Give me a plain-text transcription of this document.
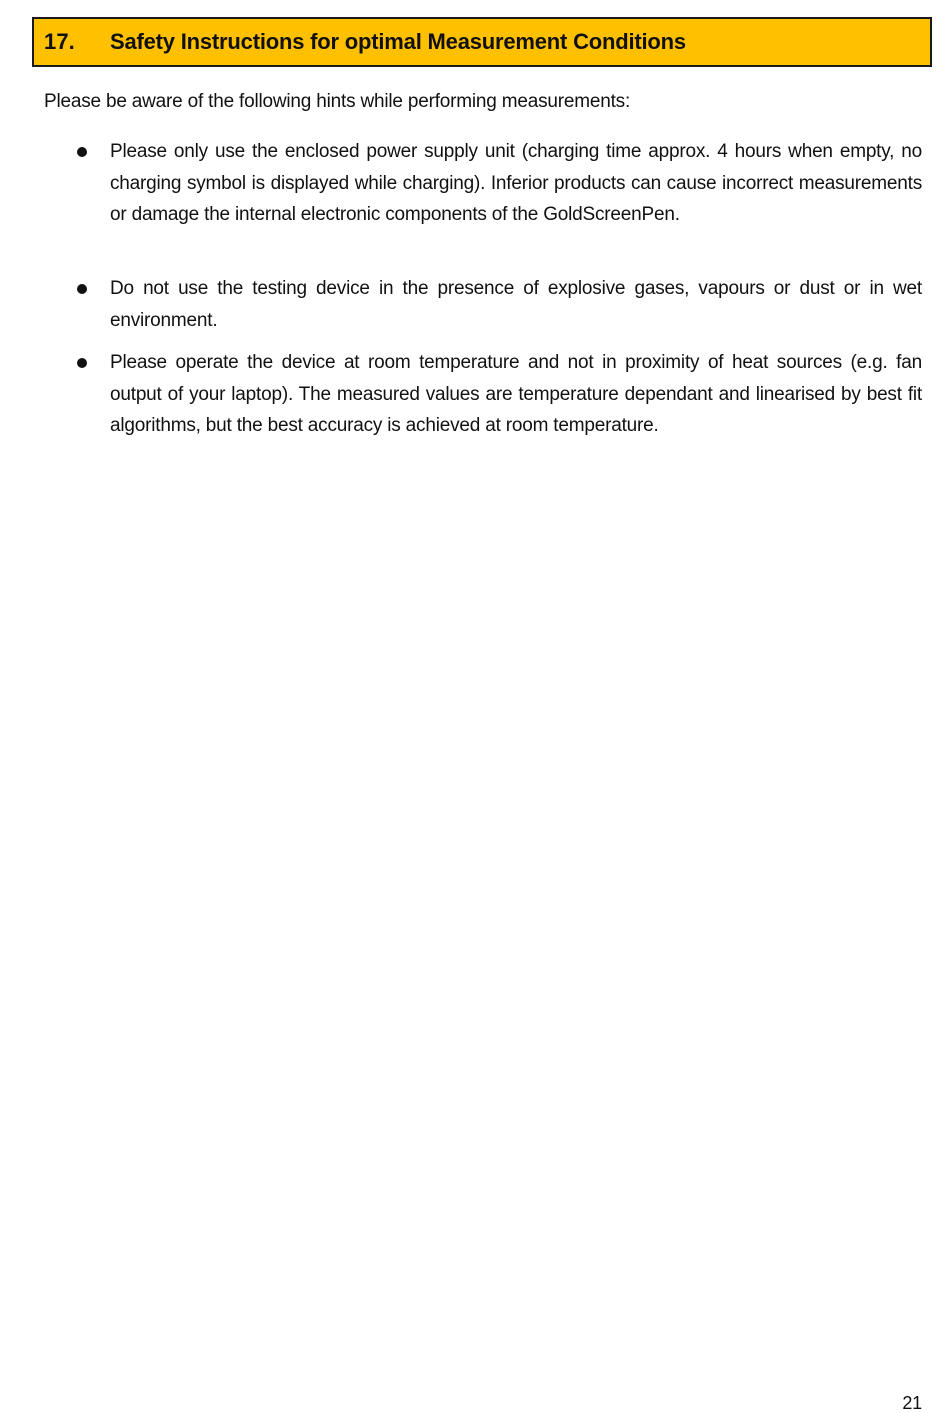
17.	Safety Instructions for optimal Measurement Conditions
Please be aware of the following hints while performing measurements:
Please only use the enclosed power supply unit (charging time approx. 4 hours when empty, no charging symbol is displayed while charging). Inferior products can cause incorrect measurements or damage the internal electronic components of the GoldScreenPen.
Do not use the testing device in the presence of explosive gases, vapours or dust or in wet environment.
Please operate the device at room temperature and not in proximity of heat sources (e.g. fan output of your laptop). The measured values are temperature dependant and linearised by best fit algorithms, but the best accuracy is achieved at room temperature.
21
